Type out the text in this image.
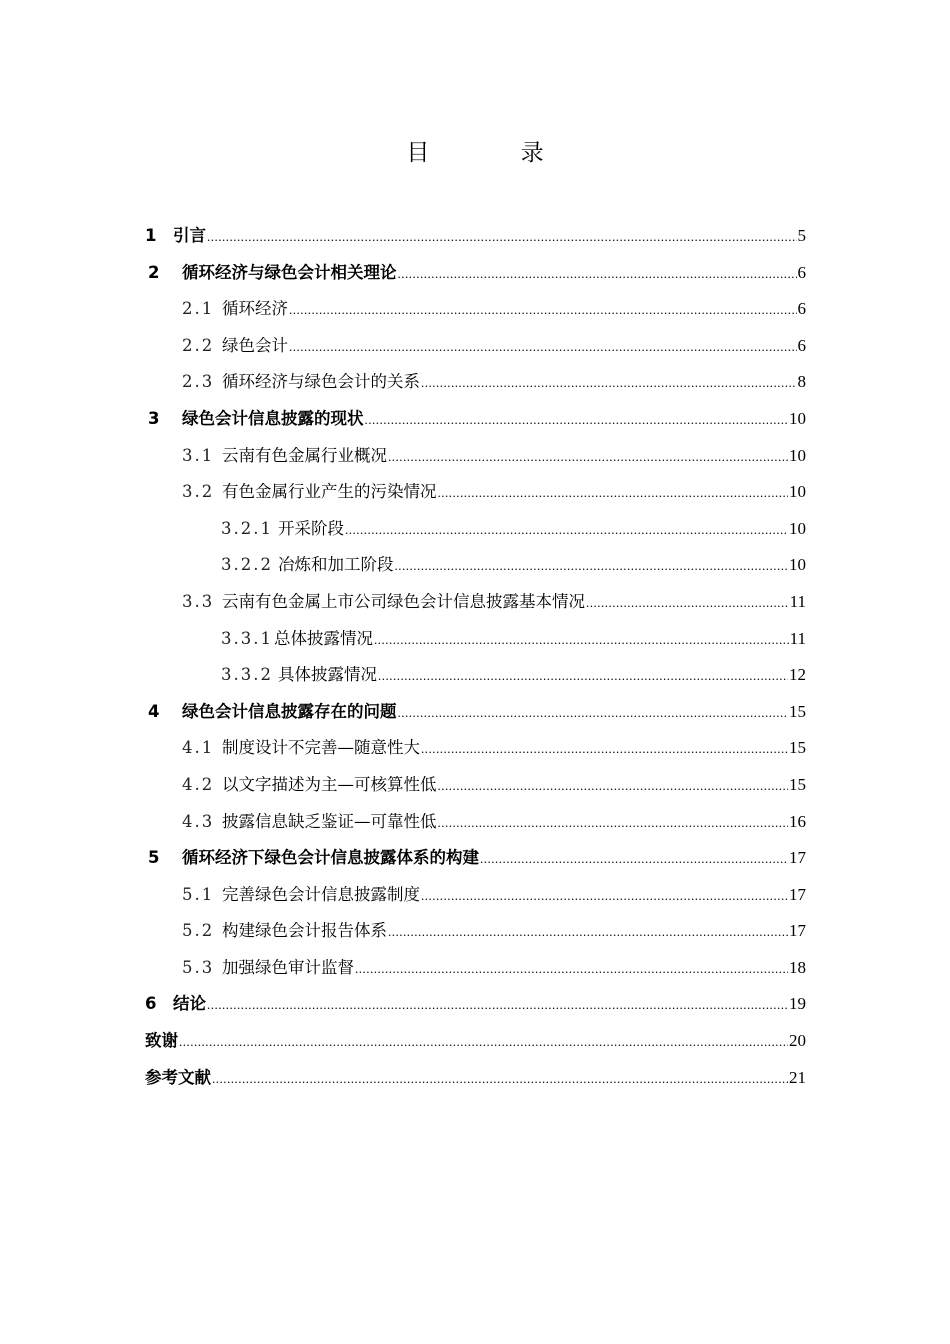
目 录
1	引言 .....	5
2	循环经济与绿色会计相关理论 .....	6
2.1 循环经济 .....	6
2.2 绿色会计 .....	6
2.3 循环经济与绿色会计的关系 .....	8
3	绿色会计信息披露的现状 .....	10
3.1 云南有色金属行业概况 .....	10
3.2 有色金属行业产生的污染情况 .....	10
3.2.1 开采阶段 .....	10
3.2.2 冶炼和加工阶段 .....	10
3.3 云南有色金属上市公司绿色会计信息披露基本情况 .....	11
3.3.1 总体披露情况 .....	11
3.3.2 具体披露情况 .....	12
4	绿色会计信息披露存在的问题 .....	15
4.1 制度设计不完善—随意性大 .....	15
4.2 以文字描述为主—可核算性低 .....	15
4.3 披露信息缺乏鉴证—可靠性低 .....	16
5	循环经济下绿色会计信息披露体系的构建 .....	17
5.1 完善绿色会计信息披露制度 .....	17
5.2 构建绿色会计报告体系 .....	17
5.3 加强绿色审计监督 .....	18
6	结论 .....	19
致谢 .....	20
参考文献 .....	21
